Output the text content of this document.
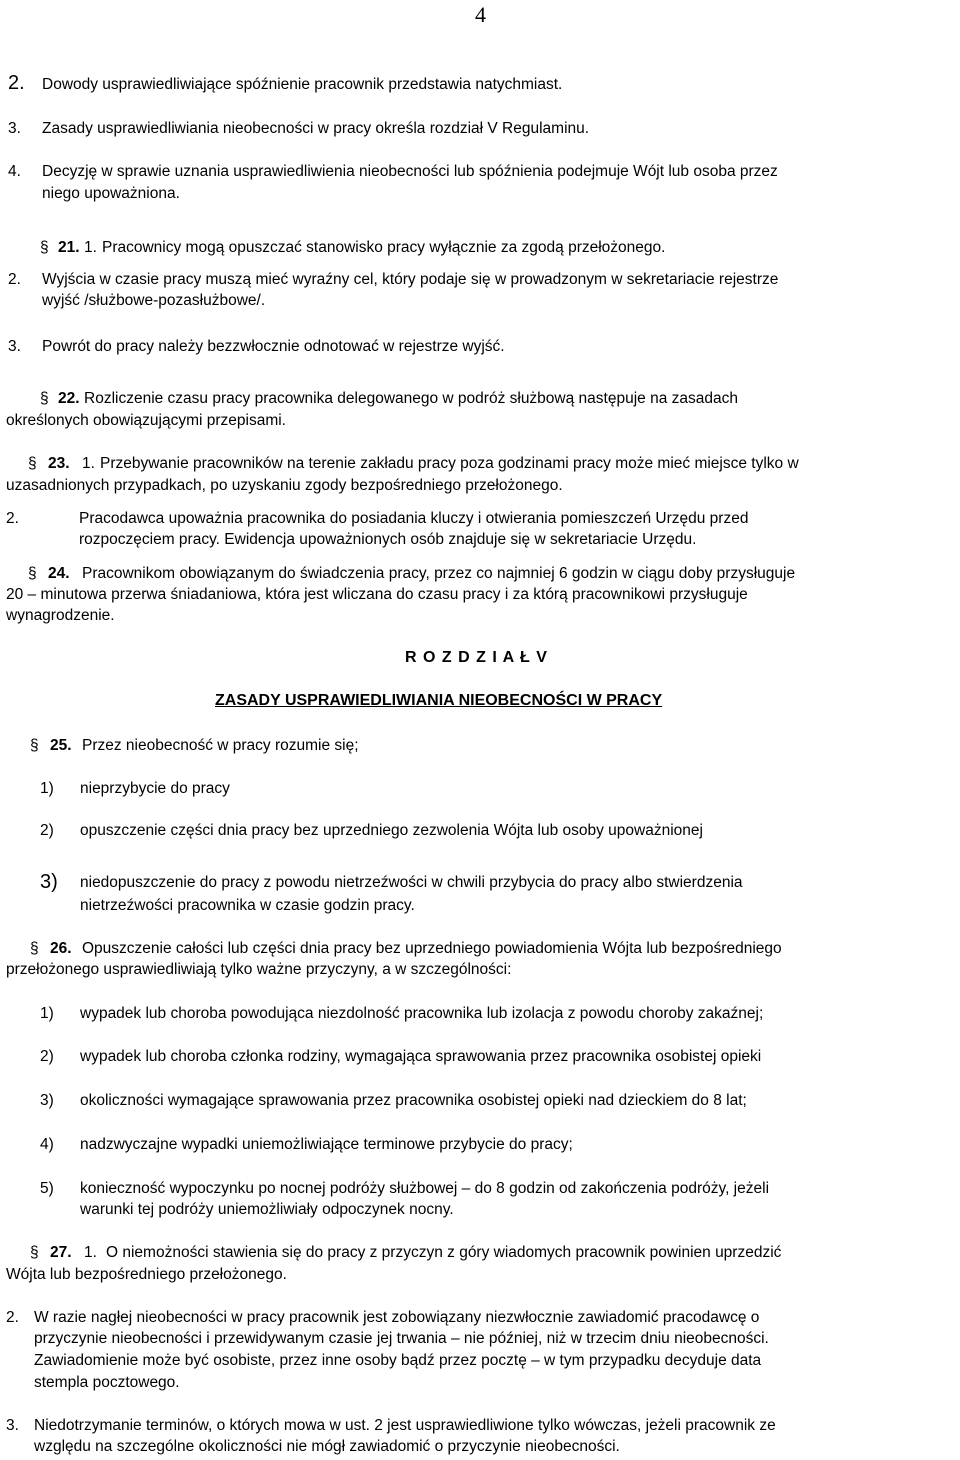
4
2. Dowody usprawiedliwiające spóźnienie pracownik przedstawia natychmiast.
3. Zasady usprawiedliwiania nieobecności w pracy określa rozdział V Regulaminu.
4. Decyzję w sprawie uznania usprawiedliwienia nieobecności lub spóźnienia podejmuje Wójt lub osoba przez
niego upoważniona.
§ 21. 1. Pracownicy mogą opuszczać stanowisko pracy wyłącznie za zgodą przełożonego.
2. Wyjścia w czasie pracy muszą mieć wyraźny cel, który podaje się w prowadzonym w sekretariacie rejestrze
wyjść /służbowe-pozasłużbowe/.
3. Powrót do pracy należy bezzwłocznie odnotować w rejestrze wyjść.
§ 22. Rozliczenie czasu pracy pracownika delegowanego w podróż służbową następuje na zasadach
określonych obowiązującymi przepisami.
§ 23. 1. Przebywanie pracowników na terenie zakładu pracy poza godzinami pracy może mieć miejsce tylko w
uzasadnionych przypadkach, po uzyskaniu zgody bezpośredniego przełożonego.
2.	Pracodawca upoważnia pracownika do posiadania kluczy i otwierania pomieszczeń Urzędu przed
rozpoczęciem pracy. Ewidencja upoważnionych osób znajduje się w sekretariacie Urzędu.
§ 24. Pracownikom obowiązanym do świadczenia pracy, przez co najmniej 6 godzin w ciągu doby przysługuje
20 – minutowa przerwa śniadaniowa, która jest wliczana do czasu pracy i za którą pracownikowi przysługuje
wynagrodzenie.
R O Z D Z I A Ł V
ZASADY USPRAWIEDLIWIANIA NIEOBECNOŚCI W PRACY
§ 25. Przez nieobecność w pracy rozumie się;
1) nieprzybycie do pracy
2) opuszczenie części dnia pracy bez uprzedniego zezwolenia Wójta lub osoby upoważnionej
3) niedopuszczenie do pracy z powodu nietrzeźwości w chwili przybycia do pracy albo stwierdzenia
nietrzeźwości pracownika w czasie godzin pracy.
§ 26. Opuszczenie całości lub części dnia pracy bez uprzedniego powiadomienia Wójta lub bezpośredniego
przełożonego usprawiedliwiają tylko ważne przyczyny, a w szczególności:
1) wypadek lub choroba powodująca niezdolność pracownika lub izolacja z powodu choroby zakaźnej;
2) wypadek lub choroba członka rodziny, wymagająca sprawowania przez pracownika osobistej opieki
3) okoliczności wymagające sprawowania przez pracownika osobistej opieki nad dzieckiem do 8 lat;
4) nadzwyczajne wypadki uniemożliwiające terminowe przybycie do pracy;
5) konieczność wypoczynku po nocnej podróży służbowej – do 8 godzin od zakończenia podróży, jeżeli
warunki tej podróży uniemożliwiały odpoczynek nocny.
§ 27. 1. O niemożności stawienia się do pracy z przyczyn z góry wiadomych pracownik powinien uprzedzić
Wójta lub bezpośredniego przełożonego.
2. W razie nagłej nieobecności w pracy pracownik jest zobowiązany niezwłocznie zawiadomić pracodawcę o
przyczynie nieobecności i przewidywanym czasie jej trwania – nie później, niż w trzecim dniu nieobecności.
Zawiadomienie może być osobiste, przez inne osoby bądź przez pocztę – w tym przypadku decyduje data
stempla pocztowego.
3. Niedotrzymanie terminów, o których mowa w ust. 2 jest usprawiedliwione tylko wówczas, jeżeli pracownik ze
względu na szczególne okoliczności nie mógł zawiadomić o przyczynie nieobecności.
